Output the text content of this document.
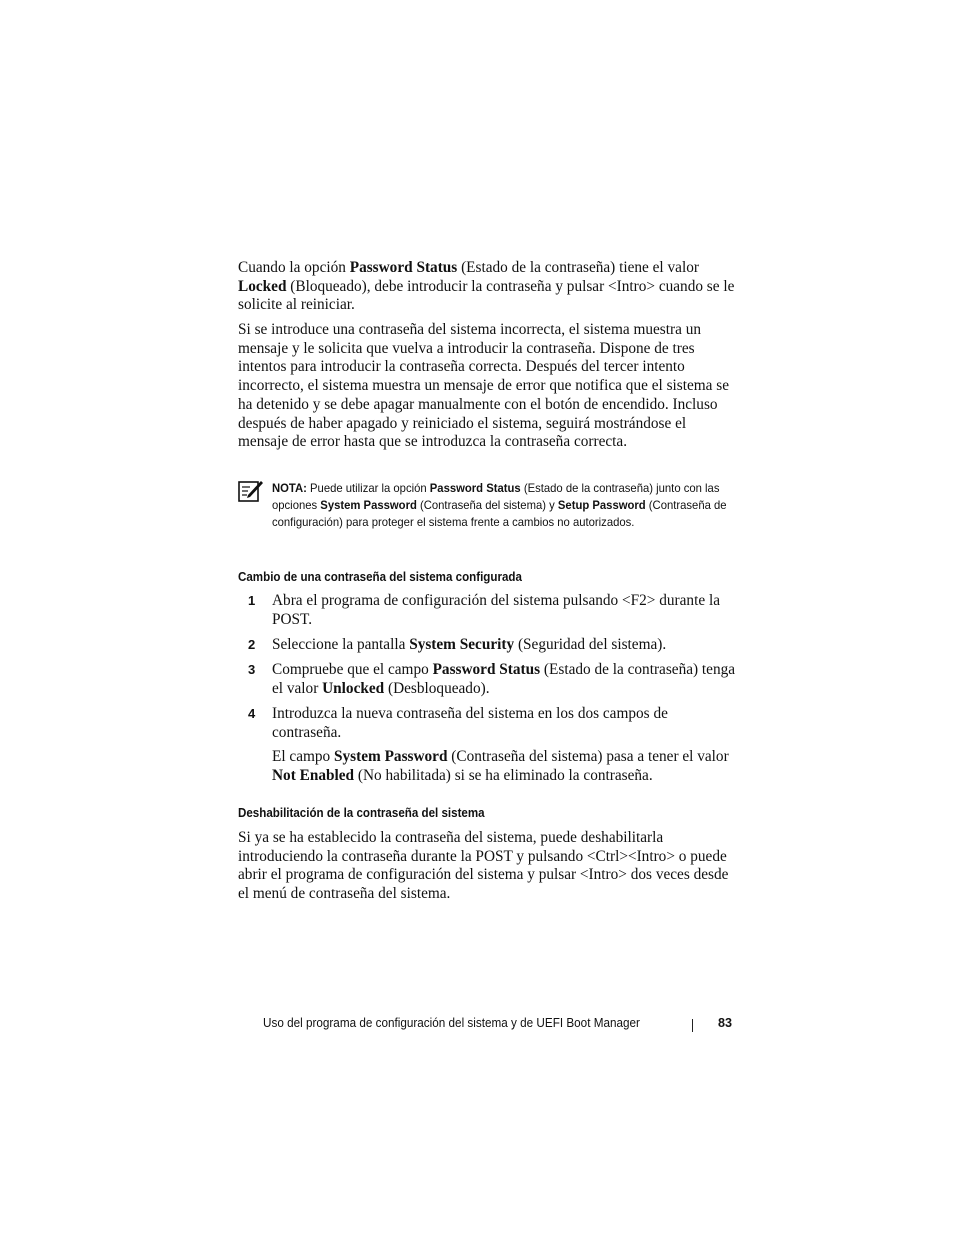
Cuando la opción Password Status (Estado de la contraseña) tiene el valor Locked (Bloqueado), debe introducir la contraseña y pulsar <Intro> cuando se le solicite al reiniciar.

Si se introduce una contraseña del sistema incorrecta, el sistema muestra un mensaje y le solicita que vuelva a introducir la contraseña. Dispone de tres intentos para introducir la contraseña correcta. Después del tercer intento incorrecto, el sistema muestra un mensaje de error que notifica que el sistema se ha detenido y se debe apagar manualmente con el botón de encendido. Incluso después de haber apagado y reiniciado el sistema, seguirá mostrándose el mensaje de error hasta que se introduzca la contraseña correcta.

NOTA: Puede utilizar la opción Password Status (Estado de la contraseña) junto con las opciones System Password (Contraseña del sistema) y Setup Password (Contraseña de configuración) para proteger el sistema frente a cambios no autorizados.
Cambio de una contraseña del sistema configurada
1 Abra el programa de configuración del sistema pulsando <F2> durante la POST.
2 Seleccione la pantalla System Security (Seguridad del sistema).
3 Compruebe que el campo Password Status (Estado de la contraseña) tenga el valor Unlocked (Desbloqueado).
4 Introduzca la nueva contraseña del sistema en los dos campos de contraseña.
El campo System Password (Contraseña del sistema) pasa a tener el valor Not Enabled (No habilitada) si se ha eliminado la contraseña.
Deshabilitación de la contraseña del sistema

Si ya se ha establecido la contraseña del sistema, puede deshabilitarla introduciendo la contraseña durante la POST y pulsando <Ctrl><Intro> o puede abrir el programa de configuración del sistema y pulsar <Intro> dos veces desde el menú de contraseña del sistema.

Uso del programa de configuración del sistema y de UEFI Boot Manager	83
